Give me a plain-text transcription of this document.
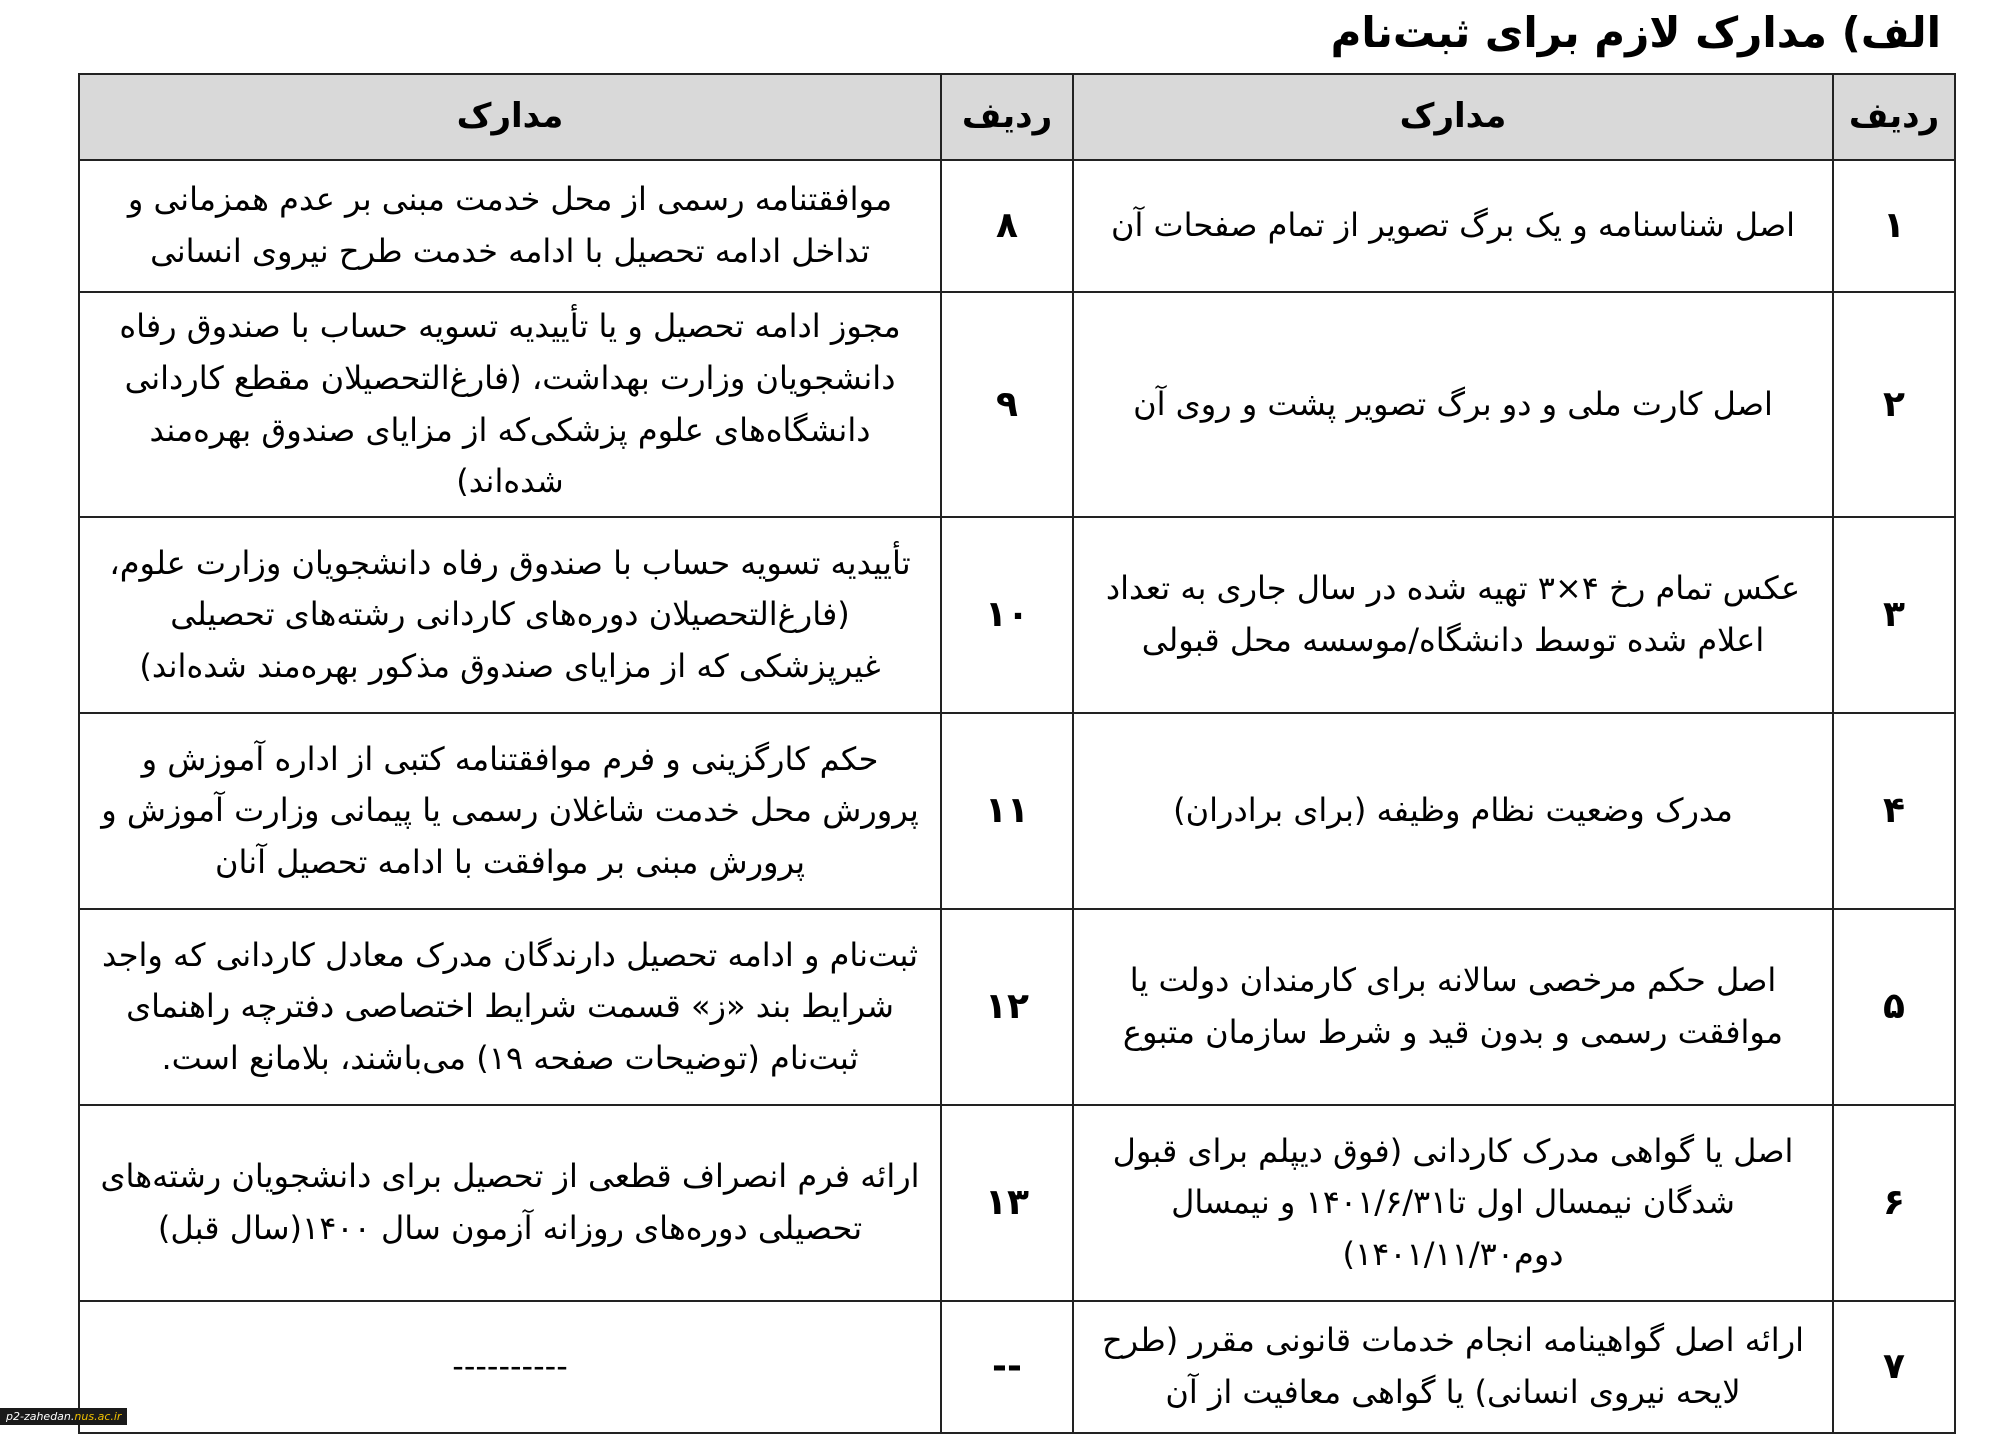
الف) مدارک لازم برای ثبت‌نام
ردیف	مدارک	ردیف	مدارک
۱	اصل شناسنامه و یک برگ تصویر از تمام صفحات آن	۸	موافقتنامه رسمی از محل خدمت مبنی بر عدم همزمانی و تداخل ادامه تحصیل با ادامه خدمت طرح نیروی انسانی
۲	اصل کارت ملی و دو برگ تصویر پشت و روی آن	۹	مجوز ادامه تحصیل و یا تأییدیه تسویه حساب با صندوق رفاه دانشجویان وزارت بهداشت، (فارغ‌التحصیلان مقطع کاردانی دانشگاه‌های علوم پزشکی‌که از مزایای صندوق بهره‌مند شده‌اند)
۳	عکس تمام رخ ۴×۳ تهیه شده در سال جاری به تعداد اعلام شده توسط دانشگاه/موسسه محل قبولی	۱۰	تأییدیه تسویه حساب با صندوق رفاه دانشجویان وزارت علوم، (فارغ‌التحصیلان دوره‌های کاردانی رشته‌های تحصیلی غیرپزشکی که از مزایای صندوق مذکور بهره‌مند شده‌اند)
۴	مدرک وضعیت نظام وظیفه (برای برادران)	۱۱	حکم کارگزینی و فرم موافقتنامه کتبی از اداره آموزش و پرورش محل خدمت شاغلان رسمی یا پیمانی وزارت آموزش و پرورش مبنی بر موافقت با ادامه تحصیل آنان
۵	اصل حکم مرخصی سالانه برای کارمندان دولت یا موافقت رسمی و بدون قید و شرط سازمان متبوع	۱۲	ثبت‌نام و ادامه تحصیل دارندگان مدرک معادل کاردانی که واجد شرایط بند «ز» قسمت شرایط اختصاصی دفترچه راهنمای ثبت‌نام (توضیحات صفحه ۱۹) می‌باشند، بلامانع است.
۶	اصل یا گواهی مدرک کاردانی (فوق دیپلم برای قبول شدگان نیمسال اول تا۱۴۰۱/۶/۳۱ و نیمسال دوم۱۴۰۱/۱۱/۳۰)	۱۳	ارائه فرم انصراف قطعی از تحصیل برای دانشجویان رشته‌های تحصیلی دوره‌های روزانه آزمون سال ۱۴۰۰(سال قبل)
۷	ارائه اصل گواهینامه انجام خدمات قانونی مقرر (طرح لایحه نیروی انسانی) یا گواهی معافیت از آن	--	----------
p2-zahedan.nus.ac.ir
